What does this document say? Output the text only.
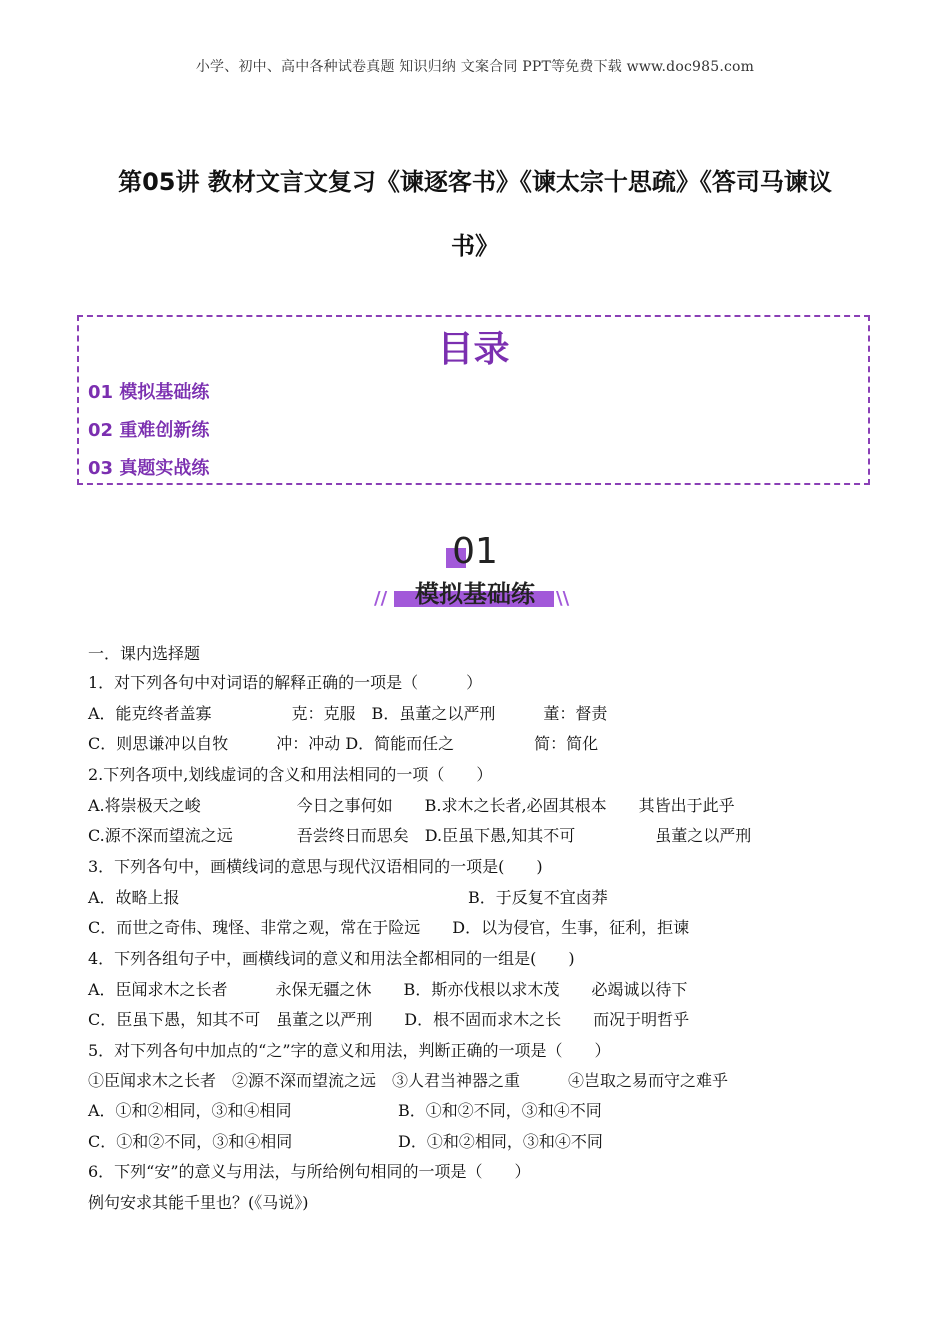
小学、初中、高中各种试卷真题 知识归纳 文案合同 PPT等免费下载 www.doc985.com
第05讲 教材文言文复习《谏逐客书》《谏太宗十思疏》《答司马谏议
书》
目录
01 模拟基础练
02 重难创新练
03 真题实战练
01
//	模拟基础练	\\
一．课内选择题
1．对下列各句中对词语的解释正确的一项是（　　　）
A．能克终者盖寡　　　　　克：克服　B．虽董之以严刑　　　董：督责
C．则思谦冲以自牧　　　冲：冲动 D．简能而任之　　　　　简：简化
2.下列各项中,划线虚词的含义和用法相同的一项（　　）
A.将崇极天之峻　　　　　　今日之事何如　　B.求木之长者,必固其根本　　其皆出于此乎
C.源不深而望流之远　　　　吾尝终日而思矣　D.臣虽下愚,知其不可　　　　　虽董之以严刑
3．下列各句中，画横线词的意思与现代汉语相同的一项是(　　)
A．故略上报	B．于反复不宜卤莽
C．而世之奇伟、瑰怪、非常之观，常在于险远　　D．以为侵官，生事，征利，拒谏
4．下列各组句子中，画横线词的意义和用法全都相同的一组是(　　)
A．臣闻求木之长者　　　永保无疆之休　　B．斯亦伐根以求木茂　　必竭诚以待下
C．臣虽下愚，知其不可　虽董之以严刑　　D．根不固而求木之长　　而况于明哲乎
5．对下列各句中加点的“之”字的意义和用法，判断正确的一项是（　　）
①臣闻求木之长者　②源不深而望流之远　③人君当神器之重　　　④岂取之易而守之难乎
A．①和②相同，③和④相同	B．①和②不同，③和④不同
C．①和②不同，③和④相同	D．①和②相同，③和④不同
6．下列“安”的意义与用法，与所给例句相同的一项是（　　）
例句安求其能千里也？(《马说》)
